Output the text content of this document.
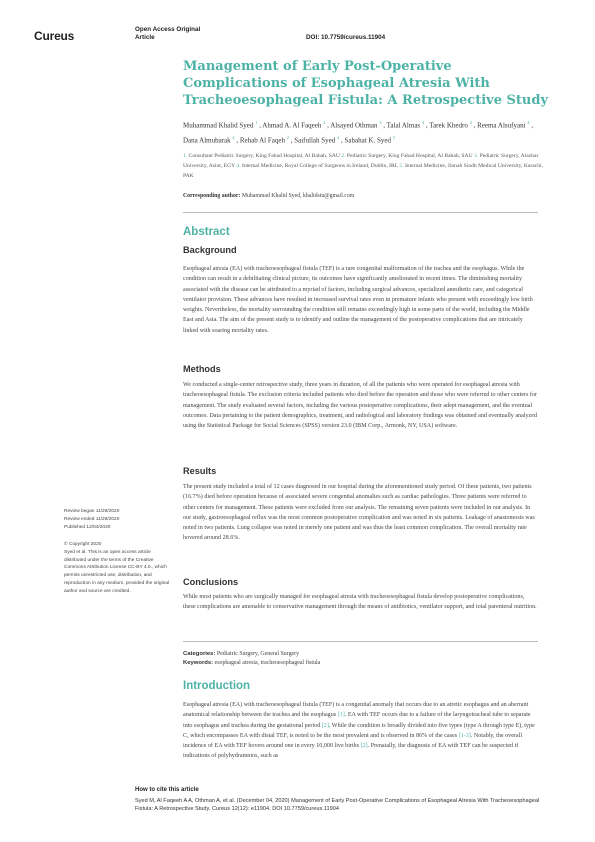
Cureus	Open Access Original
Article	DOI: 10.7759/cureus.11904
Management of Early Post-Operative Complications of Esophageal Atresia With Tracheoesophageal Fistula: A Retrospective Study
Muhammad Khalid Syed $^1$ , Ahmad A. Al Faqeeh $^2$ , Alsayed Othman $^3$ , Talal Almas $^4$ , Tarek Khedro $^4$ , Reema Alsufyani $^4$ , Dana Almubarak $^4$ , Rehab Al Faqeh $^2$ , Saifullah Syed $^4$ , Sabahat K. Syed $^5$
1. Consultant Pediatric Surgery, King Fahad Hospital, Al Bahah, SAU 2. Pediatric Surgery, King Fahad Hospital, Al Bahah, SAU 3. Pediatric Surgery, Alazhar University, Asiut, EGY 4. Internal Medicine, Royal College of Surgeons in Ireland, Dublin, IRL 5. Internal Medicine, Jinnah Sindh Medical University, Karachi, PAK
Corresponding author: Muhammad Khalid Syed, khalidsiu@gmail.com
Abstract
Background
Esophageal atresia (EA) with tracheoesophageal fistula (TEF) is a rare congenital malformation of the trachea and the esophagus. While the condition can result in a debilitating clinical picture, its outcomes have significantly ameliorated in recent times. The diminishing mortality associated with the disease can be attributed to a myriad of factors, including surgical advances, specialized anesthetic care, and categorical ventilator provision. These advances have resulted in increased survival rates even in premature infants who present with exceedingly low birth weights. Nevertheless, the mortality surrounding the condition still remains exceedingly high in some parts of the world, including the Middle East and Asia. The aim of the present study is to identify and outline the management of the postoperative complications that are intricately linked with soaring mortality rates.
Methods
We conducted a single-center retrospective study, three years in duration, of all the patients who were operated for esophageal atresia with tracheoesophageal fistula. The exclusion criteria included patients who died before the operation and those who were referred to other centers for management. The study evaluated several factors, including the various postoperative complications, their adept management, and the eventual outcomes. Data pertaining to the patient demographics, treatment, and radiological and laboratory findings was obtained and eventually analyzed using the Statistical Package for Social Sciences (SPSS) version 23.0 (IBM Corp., Armonk, NY, USA) software.
Results
The present study included a total of 12 cases diagnosed in our hospital during the aforementioned study period. Of these patients, two patients (16.7%) died before operation because of associated severe congenital anomalies such as cardiac pathologies. Three patients were referred to other centers for management. These patients were excluded from our analysis. The remaining seven patients were included in our analysis. In our study, gastroesophageal reflux was the most common postoperative complication and was noted in six patients. Leakage of anastomosis was noted in two patients. Lung collapse was noted in merely one patient and was thus the least common complication. The overall mortality rate hovered around 28.6%.
Conclusions
While most patients who are surgically managed for esophageal atresia with tracheoesophageal fistula develop postoperative complications, these complications are amenable to conservative management through the means of antibiotics, ventilator support, and total parenteral nutrition.
Review began 11/28/2020
Review ended 11/28/2020
Published 12/04/2020
© Copyright 2020
Syed et al. This is an open access article distributed under the terms of the Creative Commons Attribution License CC-BY 4.0., which permits unrestricted use, distribution, and reproduction in any medium, provided the original author and source are credited.
Categories: Pediatric Surgery, General Surgery
Keywords: esophageal atresia, tracheoesophageal fistula
Introduction
Esophageal atresia (EA) with tracheoesophageal fistula (TEF) is a congenital anomaly that occurs due to an atretic esophagus and an aberrant anatomical relationship between the trachea and the esophagus [1]. EA with TEF occurs due to a failure of the laryngotracheal tube to separate into esophagus and trachea during the gestational period [2]. While the condition is broadly divided into five types (type A through type E), type C, which encompasses EA with distal TEF, is noted to be the most prevalent and is observed in 86% of the cases [1-3]. Notably, the overall incidence of EA with TEF hovers around one in every 10,000 live births [2]. Prenatally, the diagnosis of EA with TEF can be suspected if indications of polyhydramnios, such as
How to cite this article
Syed M, Al Faqeeh A A, Othman A, et al. (December 04, 2020) Management of Early Post-Operative Complications of Esophageal Atresia With Tracheoesophageal Fistula: A Retrospective Study. Cureus 12(12): e11904. DOI 10.7759/cureus.11904
